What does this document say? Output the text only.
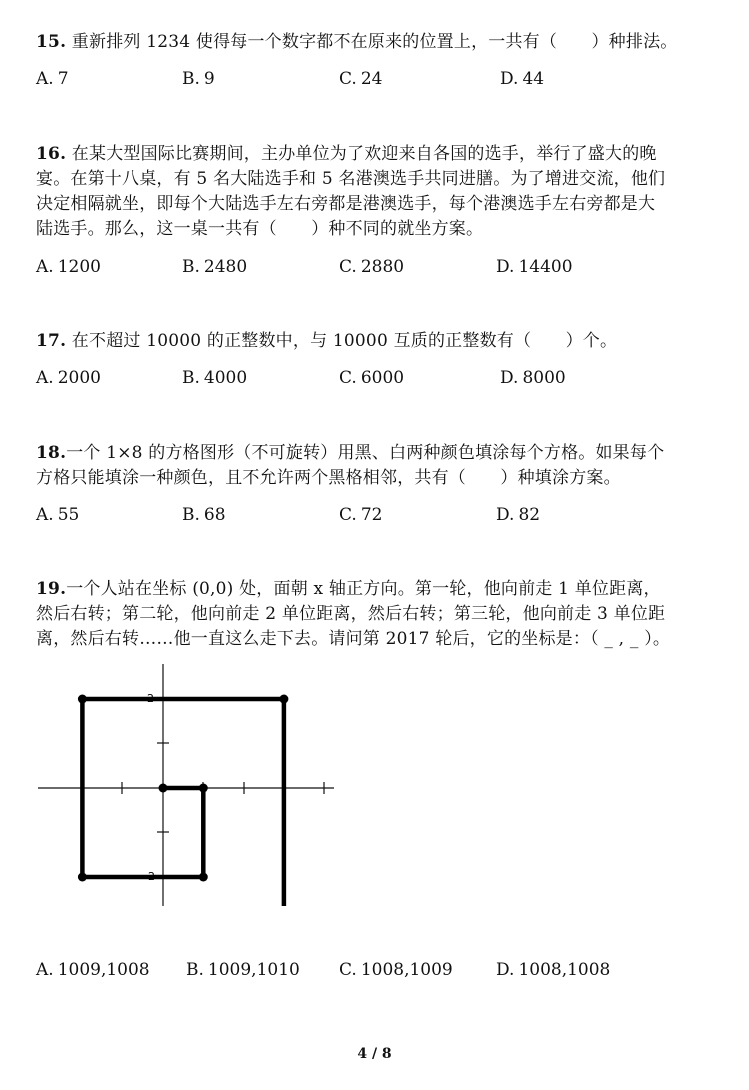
15. 重新排列 1234 使得每一个数字都不在原来的位置上，一共有（　　）种排法。
A. 7	B. 9	C. 24	D. 44
16. 在某大型国际比赛期间，主办单位为了欢迎来自各国的选手，举行了盛大的晚
宴。在第十八桌，有 5 名大陆选手和 5 名港澳选手共同进膳。为了增进交流，他们
决定相隔就坐，即每个大陆选手左右旁都是港澳选手，每个港澳选手左右旁都是大
陆选手。那么，这一桌一共有（　　）种不同的就坐方案。
A. 1200	B. 2480	C. 2880	D. 14400
17. 在不超过 10000 的正整数中，与 10000 互质的正整数有（　　）个。
A. 2000	B. 4000	C. 6000	D. 8000
18.一个 1×8 的方格图形（不可旋转）用黑、白两种颜色填涂每个方格。如果每个
方格只能填涂一种颜色，且不允许两个黑格相邻，共有（　　）种填涂方案。
A. 55	B. 68	C. 72	D. 82
19.一个人站在坐标 (0,0) 处，面朝 x 轴正方向。第一轮，他向前走 1 单位距离，
然后右转；第二轮，他向前走 2 单位距离，然后右转；第三轮，他向前走 3 单位距
离，然后右转……他一直这么走下去。请问第 2017 轮后，它的坐标是：（ _ , _ ）。
2
-2
A. 1009,1008 B. 1009,1010 C. 1008,1009	D. 1008,1008
4 / 8
